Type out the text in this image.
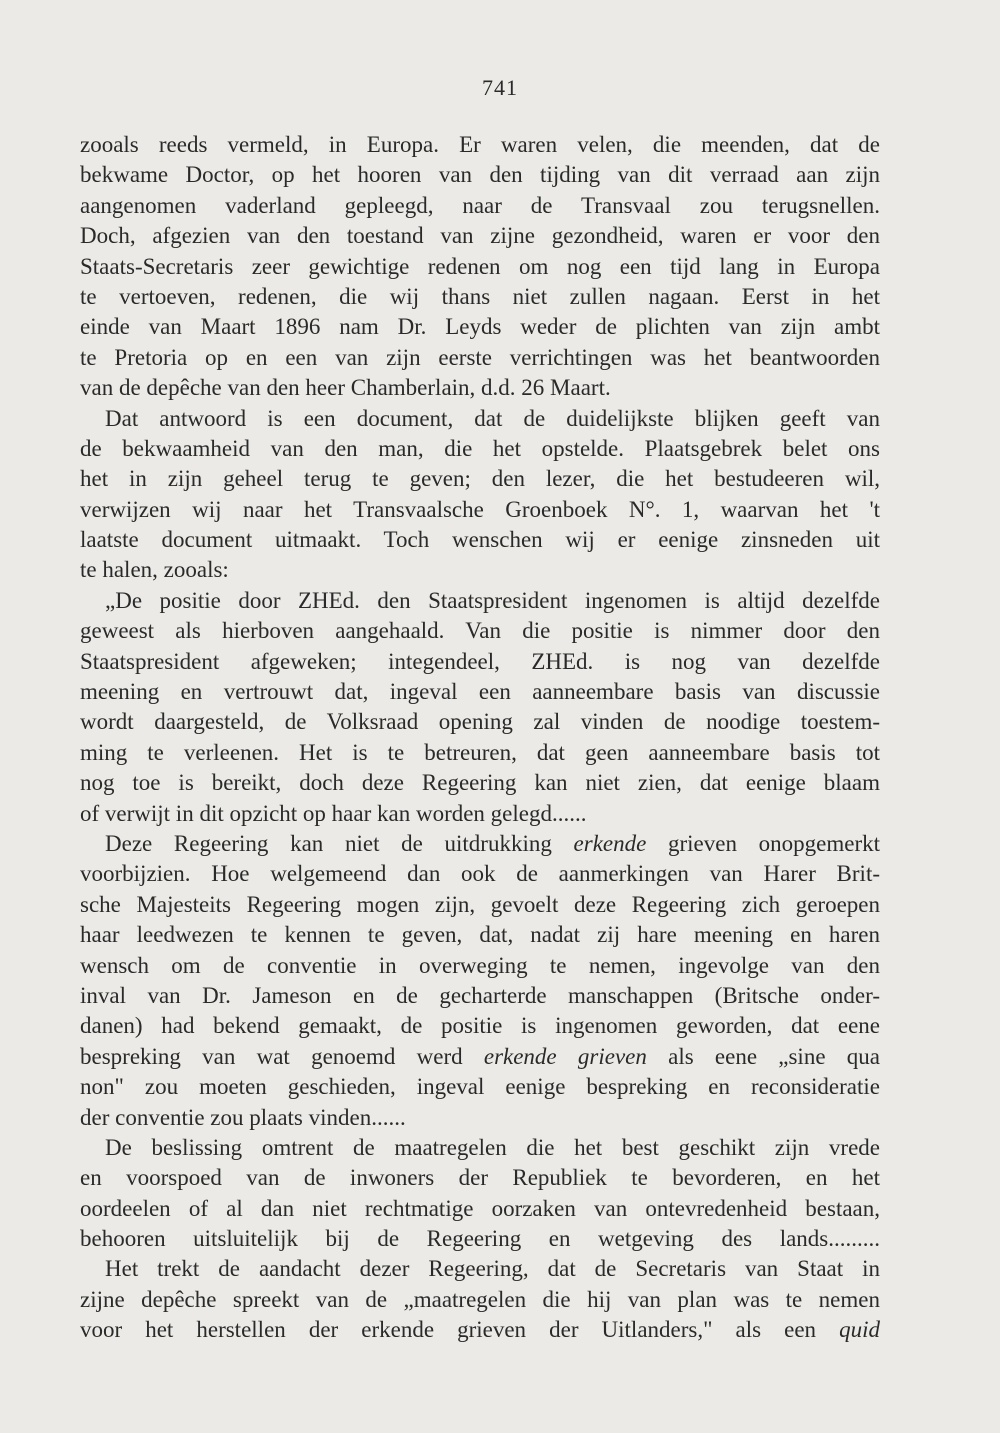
741
zooals reeds vermeld, in Europa. Er waren velen, die meenden, dat de
bekwame Doctor, op het hooren van den tijding van dit verraad aan zijn
aangenomen vaderland gepleegd, naar de Transvaal zou terugsnellen.
Doch, afgezien van den toestand van zijne gezondheid, waren er voor den
Staats-Secretaris zeer gewichtige redenen om nog een tijd lang in Europa
te vertoeven, redenen, die wij thans niet zullen nagaan. Eerst in het
einde van Maart 1896 nam Dr. Leyds weder de plichten van zijn ambt
te Pretoria op en een van zijn eerste verrichtingen was het beantwoorden
van de depêche van den heer Chamberlain, d.d. 26 Maart.
Dat antwoord is een document, dat de duidelijkste blijken geeft van
de bekwaamheid van den man, die het opstelde. Plaatsgebrek belet ons
het in zijn geheel terug te geven; den lezer, die het bestudeeren wil,
verwijzen wij naar het Transvaalsche Groenboek N°. 1, waarvan het 't
laatste document uitmaakt. Toch wenschen wij er eenige zinsneden uit
te halen, zooals:
„De positie door ZHEd. den Staatspresident ingenomen is altijd dezelfde
geweest als hierboven aangehaald. Van die positie is nimmer door den
Staatspresident afgeweken; integendeel, ZHEd. is nog van dezelfde
meening en vertrouwt dat, ingeval een aanneembare basis van discussie
wordt daargesteld, de Volksraad opening zal vinden de noodige toestem-
ming te verleenen. Het is te betreuren, dat geen aanneembare basis tot
nog toe is bereikt, doch deze Regeering kan niet zien, dat eenige blaam
of verwijt in dit opzicht op haar kan worden gelegd......
Deze Regeering kan niet de uitdrukking erkende grieven onopgemerkt
voorbijzien. Hoe welgemeend dan ook de aanmerkingen van Harer Brit-
sche Majesteits Regeering mogen zijn, gevoelt deze Regeering zich geroepen
haar leedwezen te kennen te geven, dat, nadat zij hare meening en haren
wensch om de conventie in overweging te nemen, ingevolge van den
inval van Dr. Jameson en de gecharterde manschappen (Britsche onder-
danen) had bekend gemaakt, de positie is ingenomen geworden, dat eene
bespreking van wat genoemd werd erkende grieven als eene „sine qua
non" zou moeten geschieden, ingeval eenige bespreking en reconsideratie
der conventie zou plaats vinden......
De beslissing omtrent de maatregelen die het best geschikt zijn vrede
en voorspoed van de inwoners der Republiek te bevorderen, en het
oordeelen of al dan niet rechtmatige oorzaken van ontevredenheid bestaan,
behooren uitsluitelijk bij de Regeering en wetgeving des lands.........
Het trekt de aandacht dezer Regeering, dat de Secretaris van Staat in
zijne depêche spreekt van de „maatregelen die hij van plan was te nemen
voor het herstellen der erkende grieven der Uitlanders," als een quid
